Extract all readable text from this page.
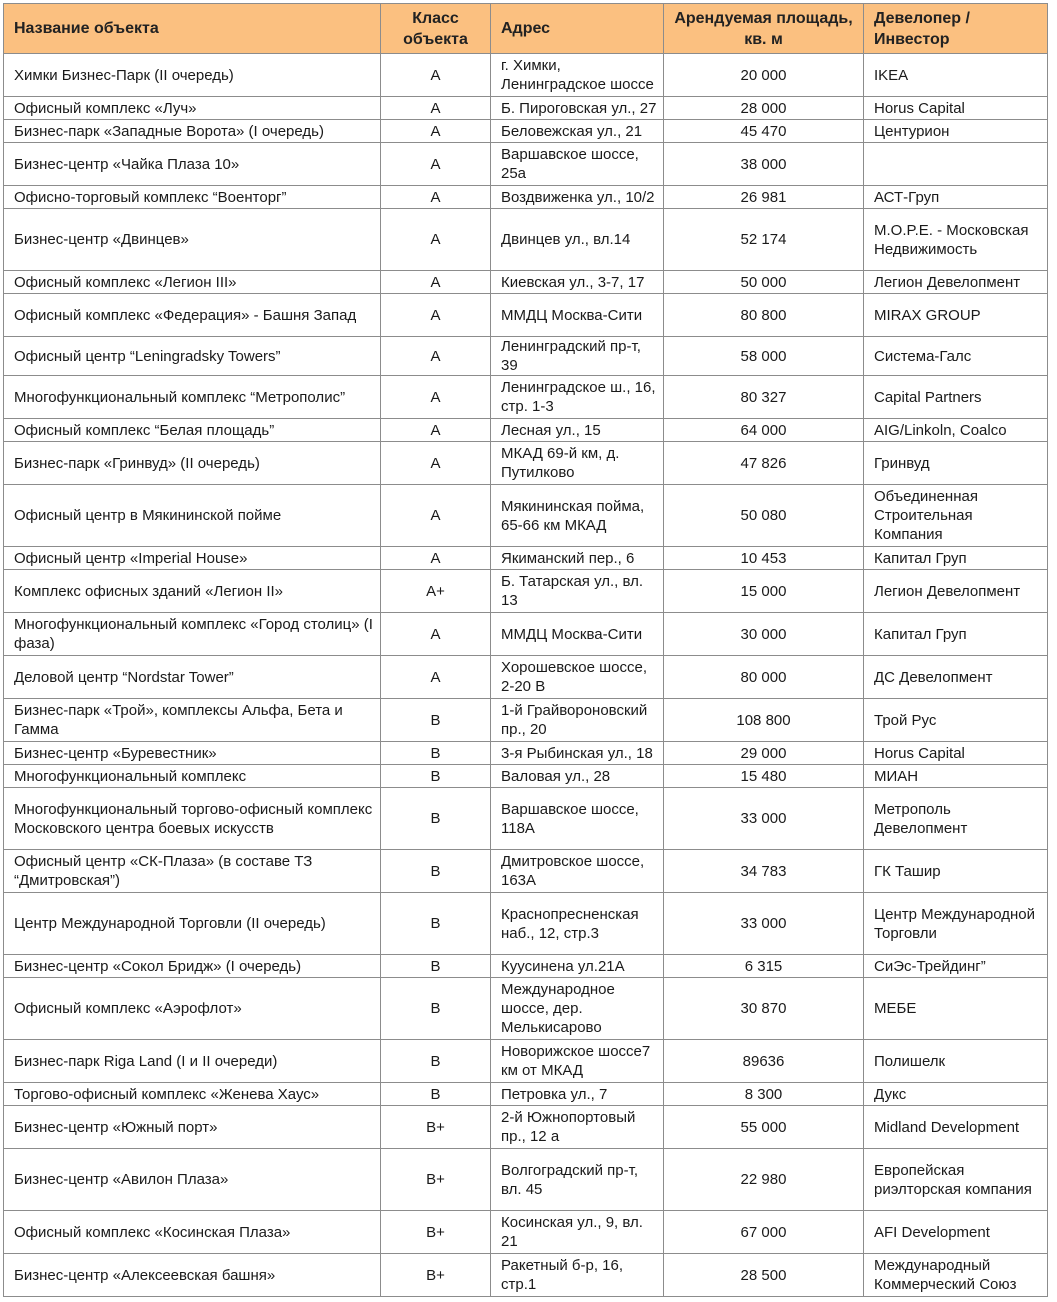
Название объекта	Класс объекта	Адрес	Арендуемая площадь, кв. м	Девелопер / Инвестор
Химки Бизнес-Парк (II очередь)	A	г. Химки, Ленинградское шоссе	20 000	IKEA
Офисный комплекс «Луч»	A	Б. Пироговская ул., 27	28 000	Horus Capital
Бизнес-парк «Западные Ворота» (I очередь)	A	Беловежская ул., 21	45 470	Центурион
Бизнес-центр «Чайка Плаза 10»	A	Варшавское шоссе, 25а	38 000	
Офисно-торговый комплекс “Военторг”	A	Воздвиженка ул., 10/2	26 981	АСТ-Груп
Бизнес-центр «Двинцев»	A	Двинцев ул., вл.14	52 174	M.O.P.E. - Московская Недвижимость
Офисный комплекс «Легион III»	A	Киевская ул., 3-7, 17	50 000	Легион Девелопмент
Офисный комплекс «Федерация» - Башня Запад	A	ММДЦ Москва-Сити	80 800	MIRAX GROUP
Офисный центр “Leningradsky Towers”	A	Ленинградский пр-т, 39	58 000	Система-Галс
Многофункциональный комплекс “Метрополис”	A	Ленинградское ш., 16, стр. 1-3	80 327	Capital Partners
Офисный комплекс “Белая площадь”	A	Лесная ул., 15	64 000	AIG/Linkoln, Coalco
Бизнес-парк «Гринвуд» (II очередь)	A	МКАД 69-й км, д. Путилково	47 826	Гринвуд
Офисный центр в Мякининской пойме	A	Мякининская пойма, 65-66 км МКАД	50 080	Объединенная Строительная Компания
Офисный центр «Imperial House»	A	Якиманский пер., 6	10 453	Капитал Груп
Комплекс офисных зданий «Легион II»	A+	Б. Татарская ул., вл. 13	15 000	Легион Девелопмент
Многофункциональный комплекс «Город столиц» (I фаза)	A	ММДЦ Москва-Сити	30 000	Капитал Груп
Деловой центр “Nordstar Tower”	A	Хорошевское шоссе, 2-20 B	80 000	ДС Девелопмент
Бизнес-парк «Трой», комплексы Альфа, Бета и Гамма	B	1-й Грайвороновский пр., 20	108 800	Трой Рус
Бизнес-центр «Буревестник»	B	3-я Рыбинская ул., 18	29 000	Horus Capital
Многофункциональный комплекс	B	Валовая ул., 28	15 480	МИАН
Многофункциональный торгово-офисный комплекс Московского центра боевых искусств	B	Варшавское шоссе, 118А	33 000	Метрополь Девелопмент
Офисный центр «СК-Плаза» (в составе ТЗ “Дмитровская”)	B	Дмитровское шоссе, 163А	34 783	ГК Ташир
Центр Международной Торговли (II очередь)	B	Краснопресненская наб., 12, стр.3	33 000	Центр Международной Торговли
Бизнес-центр «Сокол Бридж» (I очередь)	B	Куусинена ул.21А	6 315	СиЭс-Трейдинг”
Офисный комплекс «Аэрофлот»	B	Международное шоссе, дер. Мелькисарово	30 870	МЕБЕ
Бизнес-парк Riga Land (I и II очереди)	B	Новорижское шоссе7 км от МКАД	89636	Полишелк
Торгово-офисный комплекс «Женева Хаус»	B	Петровка ул., 7	8 300	Дукс
Бизнес-центр «Южный порт»	B+	2-й Южнопортовый пр., 12 а	55 000	Midland Development
Бизнес-центр «Авилон Плаза»	B+	Волгоградский пр-т, вл. 45	22 980	Европейская риэлторская компания
Офисный комплекс «Косинская Плаза»	B+	Косинская ул., 9, вл. 21	67 000	AFI Development
Бизнес-центр «Алексеевская башня»	B+	Ракетный б-р, 16, стр.1	28 500	Международный Коммерческий Союз
